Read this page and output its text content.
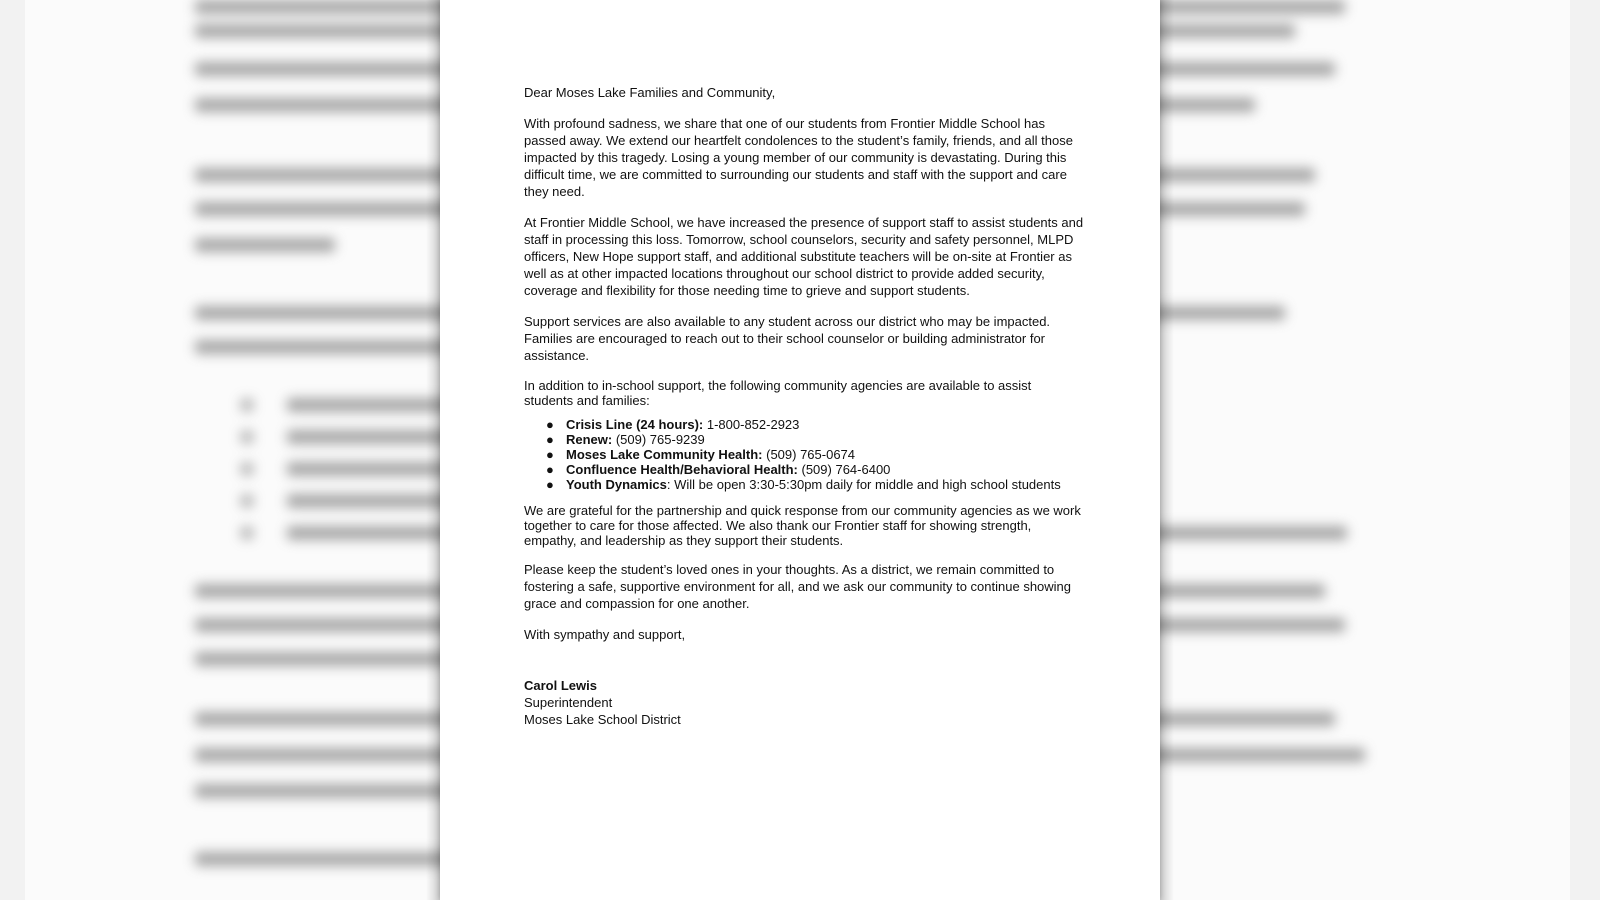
Dear Moses Lake Families and Community,

With profound sadness, we share that one of our students from Frontier Middle School has passed away. We extend our heartfelt condolences to the student’s family, friends, and all those impacted by this tragedy. Losing a young member of our community is devastating. During this difficult time, we are committed to surrounding our students and staff with the support and care they need.

At Frontier Middle School, we have increased the presence of support staff to assist students and staff in processing this loss. Tomorrow, school counselors, security and safety personnel, MLPD officers, New Hope support staff, and additional substitute teachers will be on-site at Frontier as well as at other impacted locations throughout our school district to provide added security, coverage and flexibility for those needing time to grieve and support students.

Support services are also available to any student across our district who may be impacted. Families are encouraged to reach out to their school counselor or building administrator for assistance.

In addition to in-school support, the following community agencies are available to assist students and families:

● Crisis Line (24 hours): 1-800-852-2923
● Renew: (509) 765-9239
● Moses Lake Community Health: (509) 765-0674
● Confluence Health/Behavioral Health: (509) 764-6400
● Youth Dynamics: Will be open 3:30-5:30pm daily for middle and high school students

We are grateful for the partnership and quick response from our community agencies as we work together to care for those affected. We also thank our Frontier staff for showing strength, empathy, and leadership as they support their students.

Please keep the student’s loved ones in your thoughts. As a district, we remain committed to fostering a safe, supportive environment for all, and we ask our community to continue showing grace and compassion for one another.

With sympathy and support,

Carol Lewis
Superintendent
Moses Lake School District
